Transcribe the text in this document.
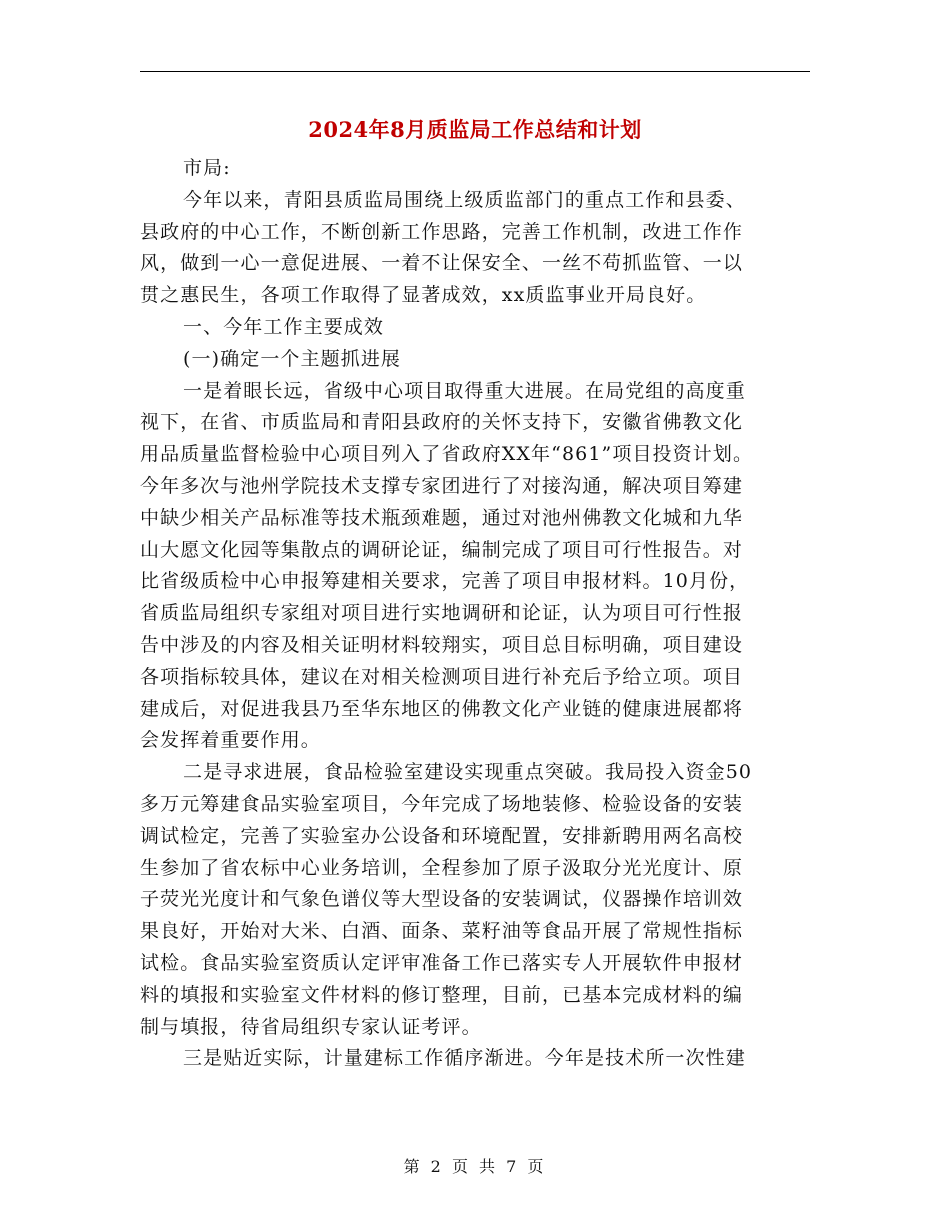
2024年8月质监局工作总结和计划
市局:
今年以来，青阳县质监局围绕上级质监部门的重点工作和县委、
县政府的中心工作，不断创新工作思路，完善工作机制，改进工作作
风，做到一心一意促进展、一着不让保安全、一丝不苟抓监管、一以
贯之惠民生，各项工作取得了显著成效，xx质监事业开局良好。
一、今年工作主要成效
(一)确定一个主题抓进展
一是着眼长远，省级中心项目取得重大进展。在局党组的高度重
视下，在省、市质监局和青阳县政府的关怀支持下，安徽省佛教文化
用品质量监督检验中心项目列入了省政府XX年“861”项目投资计划。
今年多次与池州学院技术支撑专家团进行了对接沟通，解决项目筹建
中缺少相关产品标准等技术瓶颈难题，通过对池州佛教文化城和九华
山大愿文化园等集散点的调研论证，编制完成了项目可行性报告。对
比省级质检中心申报筹建相关要求，完善了项目申报材料。10月份，
省质监局组织专家组对项目进行实地调研和论证，认为项目可行性报
告中涉及的内容及相关证明材料较翔实，项目总目标明确，项目建设
各项指标较具体，建议在对相关检测项目进行补充后予给立项。项目
建成后，对促进我县乃至华东地区的佛教文化产业链的健康进展都将
会发挥着重要作用。
二是寻求进展，食品检验室建设实现重点突破。我局投入资金50
多万元筹建食品实验室项目，今年完成了场地装修、检验设备的安装
调试检定，完善了实验室办公设备和环境配置，安排新聘用两名高校
生参加了省农标中心业务培训，全程参加了原子汲取分光光度计、原
子荧光光度计和气象色谱仪等大型设备的安装调试，仪器操作培训效
果良好，开始对大米、白酒、面条、菜籽油等食品开展了常规性指标
试检。食品实验室资质认定评审准备工作已落实专人开展软件申报材
料的填报和实验室文件材料的修订整理，目前，已基本完成材料的编
制与填报，待省局组织专家认证考评。
三是贴近实际，计量建标工作循序渐进。今年是技术所一次性建
第 2 页 共 7 页
